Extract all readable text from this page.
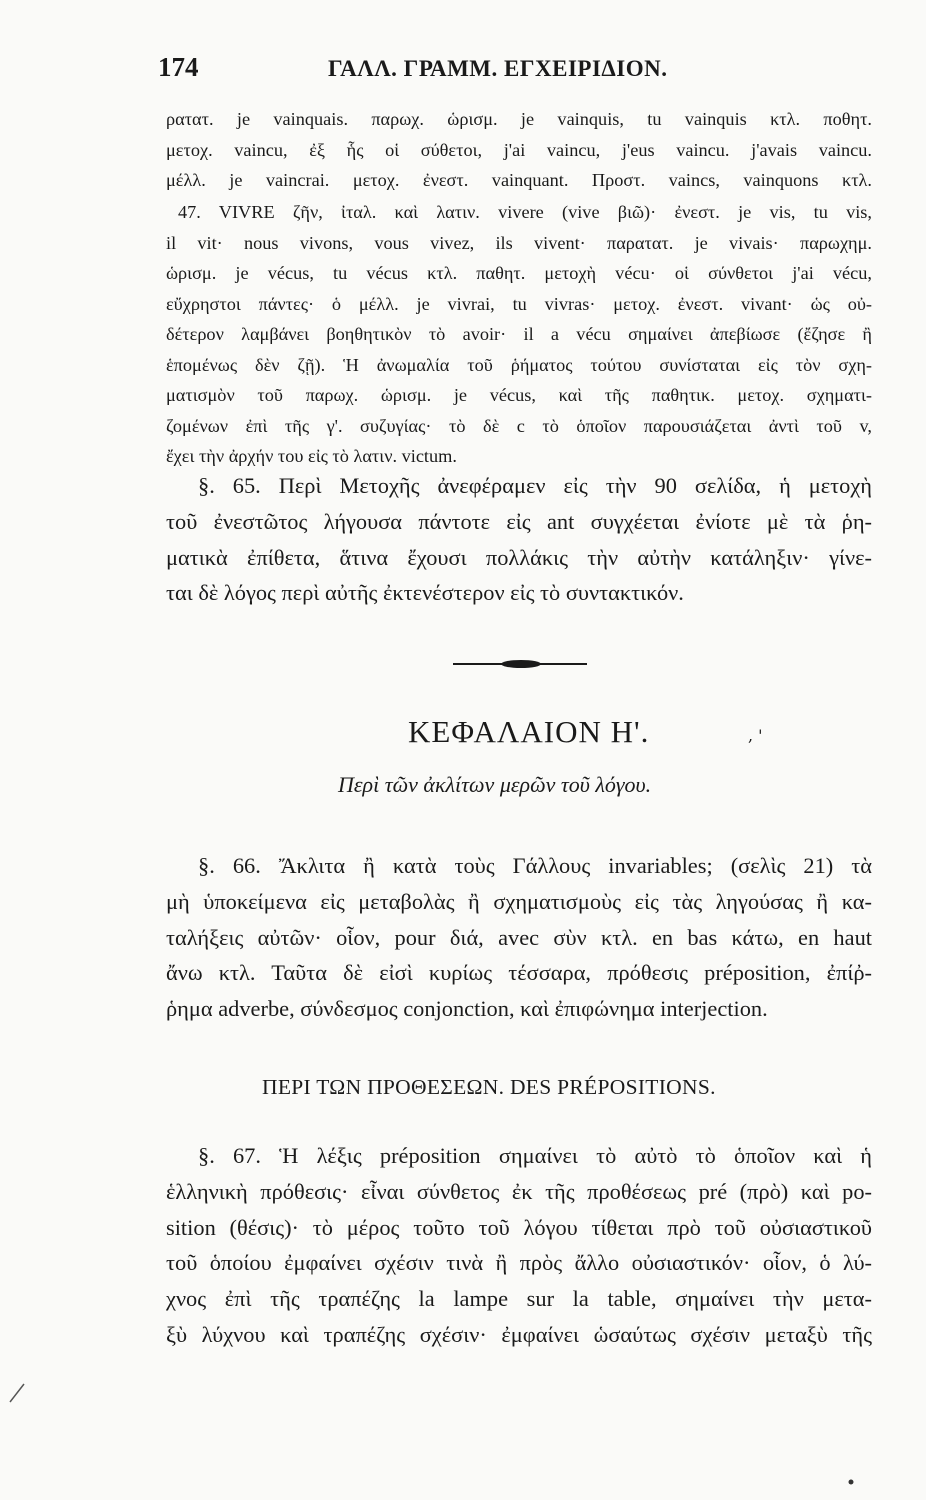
174	ΓΑΛΛ. ΓΡΑΜΜ. ΕΓΧΕΙΡΙΔΙΟΝ.
ρατατ. je vainquais. παρωχ. ὡρισμ. je vainquis, tu vainquis κτλ. ποθητ.
μετοχ. vaincu, ἐξ ἧς οἱ σύθετοι, j'ai vaincu, j'eus vaincu. j'avais vaincu.
μέλλ. je vaincrai. μετοχ. ἐνεστ. vainquant. Προστ. vaincs, vainquons κτλ.
47. VIVRE ζῆν, ἰταλ. καὶ λατιν. vivere (vive βιῶ)· ἐνεστ. je vis, tu vis,
il vit· nous vivons, vous vivez, ils vivent· παρατατ. je vivais· παρωχημ.
ὡρισμ. je vécus, tu vécus κτλ. παθητ. μετοχὴ vécu· οἱ σύνθετοι j'ai vécu,
εὔχρηστοι πάντες· ὁ μέλλ. je vivrai, tu vivras· μετοχ. ἐνεστ. vivant· ὡς οὐ-
δέτερον λαμβάνει βοηθητικὸν τὸ avoir· il a vécu σημαίνει ἀπεβίωσε (ἔζησε ἢ
ἑπομένως δὲν ζῇ). Ἡ ἀνωμαλία τοῦ ῥήματος τούτου συνίσταται εἰς τὸν σχη-
ματισμὸν τοῦ παρωχ. ὡρισμ. je vécus, καὶ τῆς παθητικ. μετοχ. σχηματι-
ζομένων ἐπὶ τῆς γ'. συζυγίας· τὸ δὲ c τὸ ὁποῖον παρουσιάζεται ἀντὶ τοῦ v,
ἔχει τὴν ἀρχήν του εἰς τὸ λατιν. victum.
§. 65. Περὶ Μετοχῆς ἀνεφέραμεν εἰς τὴν 90 σελίδα, ἡ μετοχὴ
τοῦ ἐνεστῶτος λήγουσα πάντοτε εἰς ant συγχέεται ἐνίοτε μὲ τὰ ῥη-
ματικὰ ἐπίθετα, ἅτινα ἔχουσι πολλάκις τὴν αὐτὴν κατάληξιν· γίνε-
ται δὲ λόγος περὶ αὐτῆς ἐκτενέστερον εἰς τὸ συντακτικόν.
ΚΕΦΑΛΑΙΟΝ Η'.	, '
Περὶ τῶν ἀκλίτων μερῶν τοῦ λόγου.
§. 66. Ἄκλιτα ἢ κατὰ τοὺς Γάλλους invariables; (σελὶς 21) τὰ
μὴ ὑποκείμενα εἰς μεταβολὰς ἢ σχηματισμοὺς εἰς τὰς ληγούσας ἢ κα-
ταλήξεις αὐτῶν· οἷον, pour διά, avec σὺν κτλ. en bas κάτω, en haut
ἄνω κτλ. Ταῦτα δὲ εἰσὶ κυρίως τέσσαρα, πρόθεσις préposition, ἐπίῤ-
ῥημα adverbe, σύνδεσμος conjonction, καὶ ἐπιφώνημα interjection.
ΠΕΡΙ ΤΩΝ ΠΡΟΘΕΣΕΩΝ. DES PRÉPOSITIONS.
§. 67. Ἡ λέξις préposition σημαίνει τὸ αὐτὸ τὸ ὁποῖον καὶ ἡ
ἑλληνικὴ πρόθεσις· εἶναι σύνθετος ἐκ τῆς προθέσεως pré (πρὸ) καὶ po-
sition (θέσις)· τὸ μέρος τοῦτο τοῦ λόγου τίθεται πρὸ τοῦ οὐσιαστικοῦ
τοῦ ὁποίου ἐμφαίνει σχέσιν τινὰ ἢ πρὸς ἄλλο οὐσιαστικόν· οἷον, ὁ λύ-
χνος ἐπὶ τῆς τραπέζης la lampe sur la table, σημαίνει τὴν μετα-
ξὺ λύχνου καὶ τραπέζης σχέσιν· ἐμφαίνει ὡσαύτως σχέσιν μεταξὺ τῆς
